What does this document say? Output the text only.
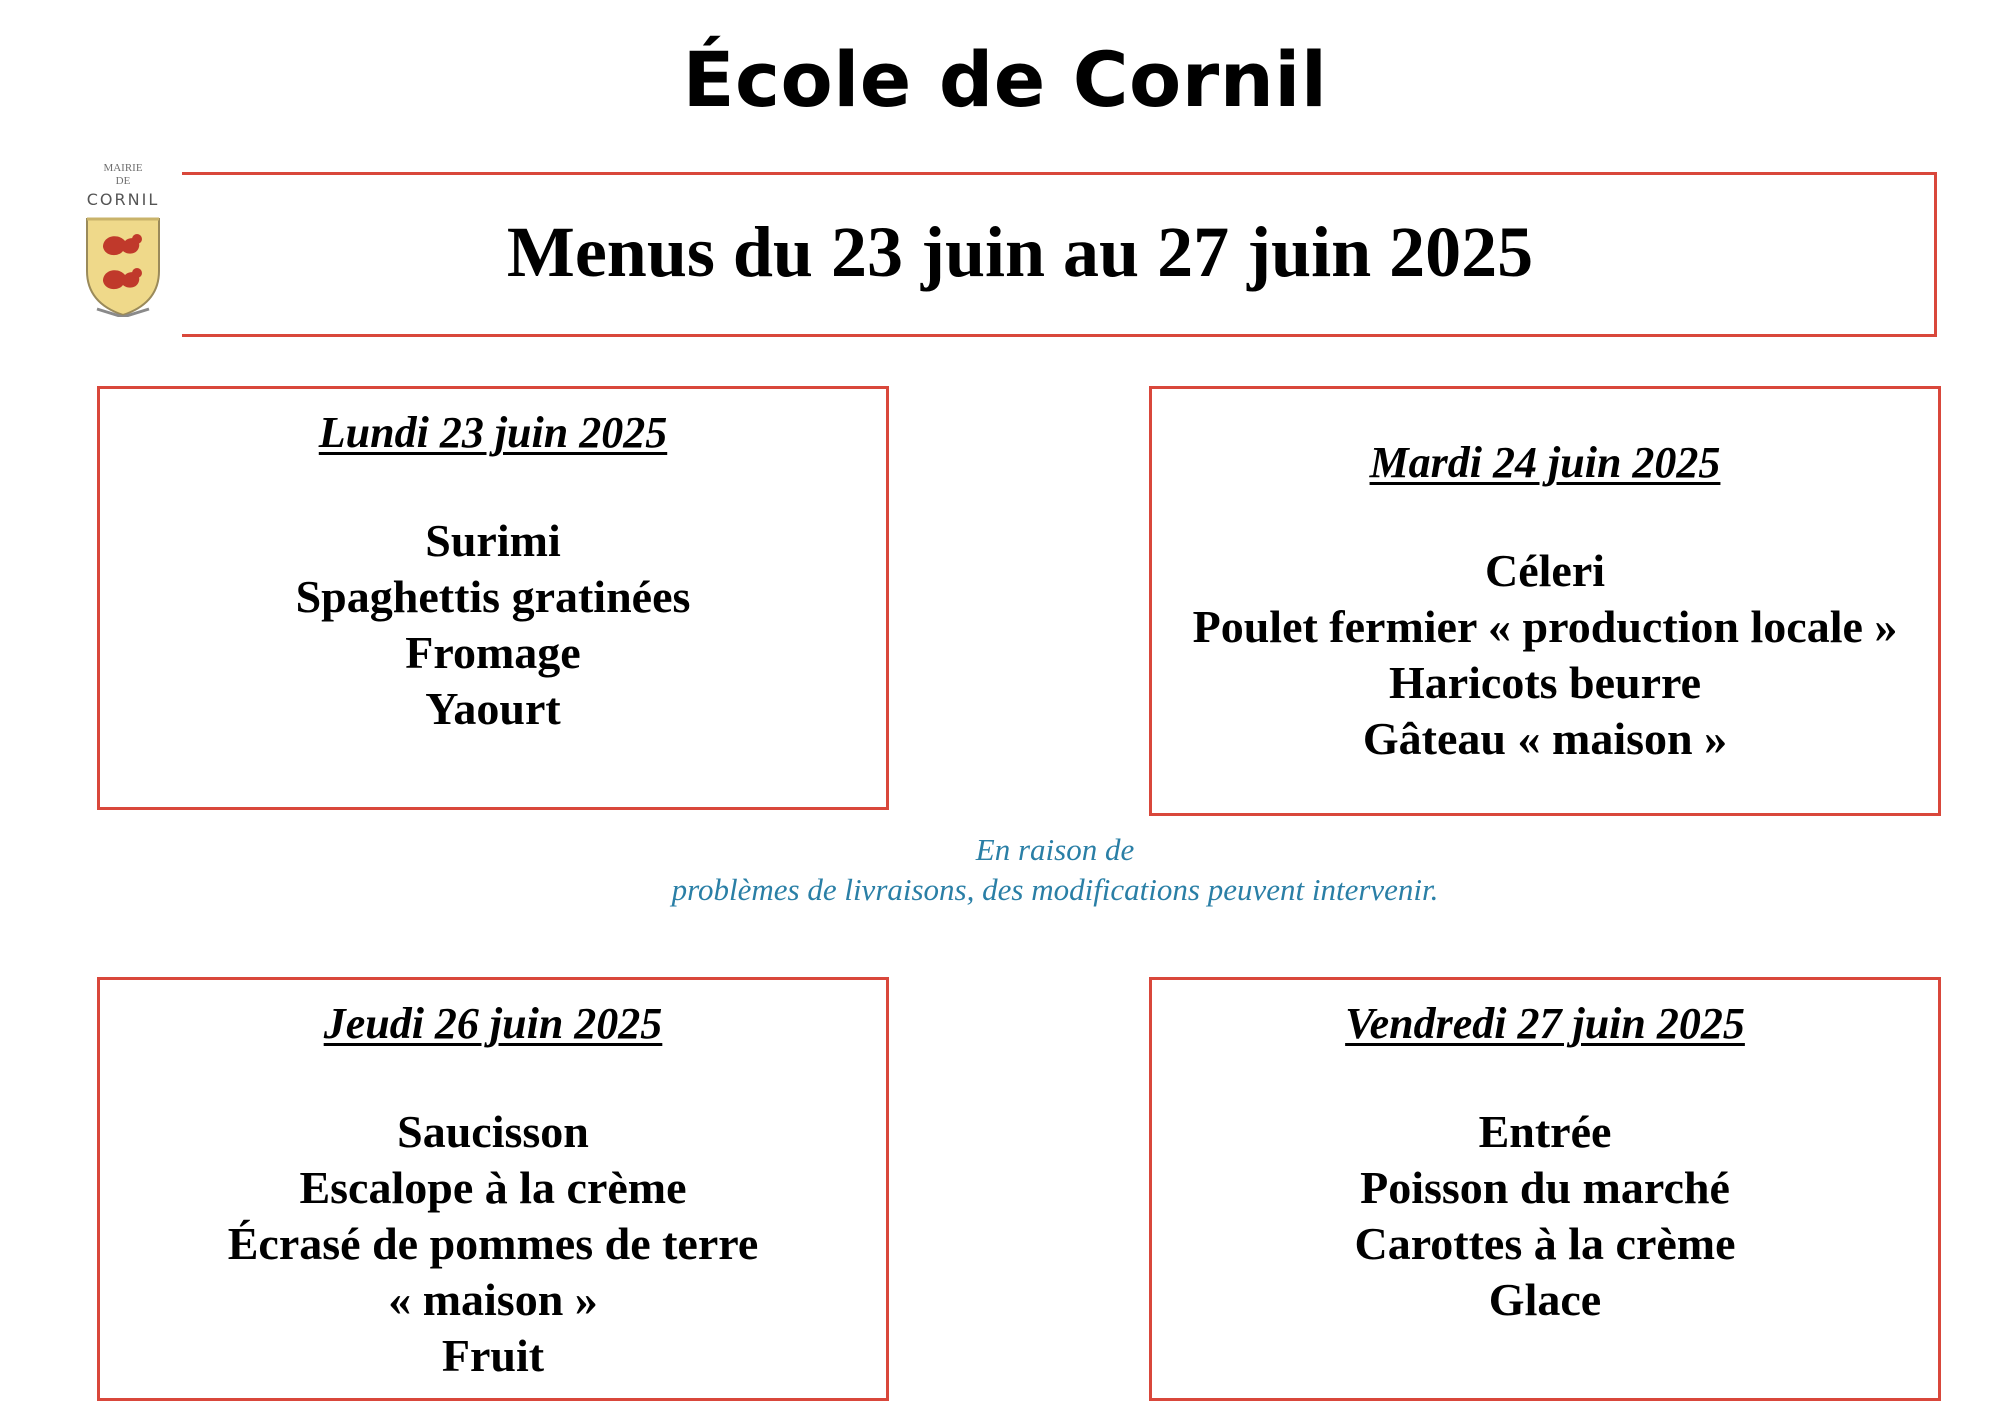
École de Cornil
MAIRIE
DE
CORNIL
Menus du 23 juin au 27 juin 2025
Lundi 23 juin 2025
Surimi
Spaghettis gratinées
Fromage
Yaourt
Mardi 24 juin 2025
Céleri
Poulet fermier « production locale »
Haricots beurre
Gâteau « maison »
En raison de
problèmes de livraisons, des modifications peuvent intervenir.
Jeudi 26 juin 2025
Saucisson
Escalope à la crème
Écrasé de pommes de terre
« maison »
Fruit
Vendredi 27 juin 2025
Entrée
Poisson du marché
Carottes à la crème
Glace
